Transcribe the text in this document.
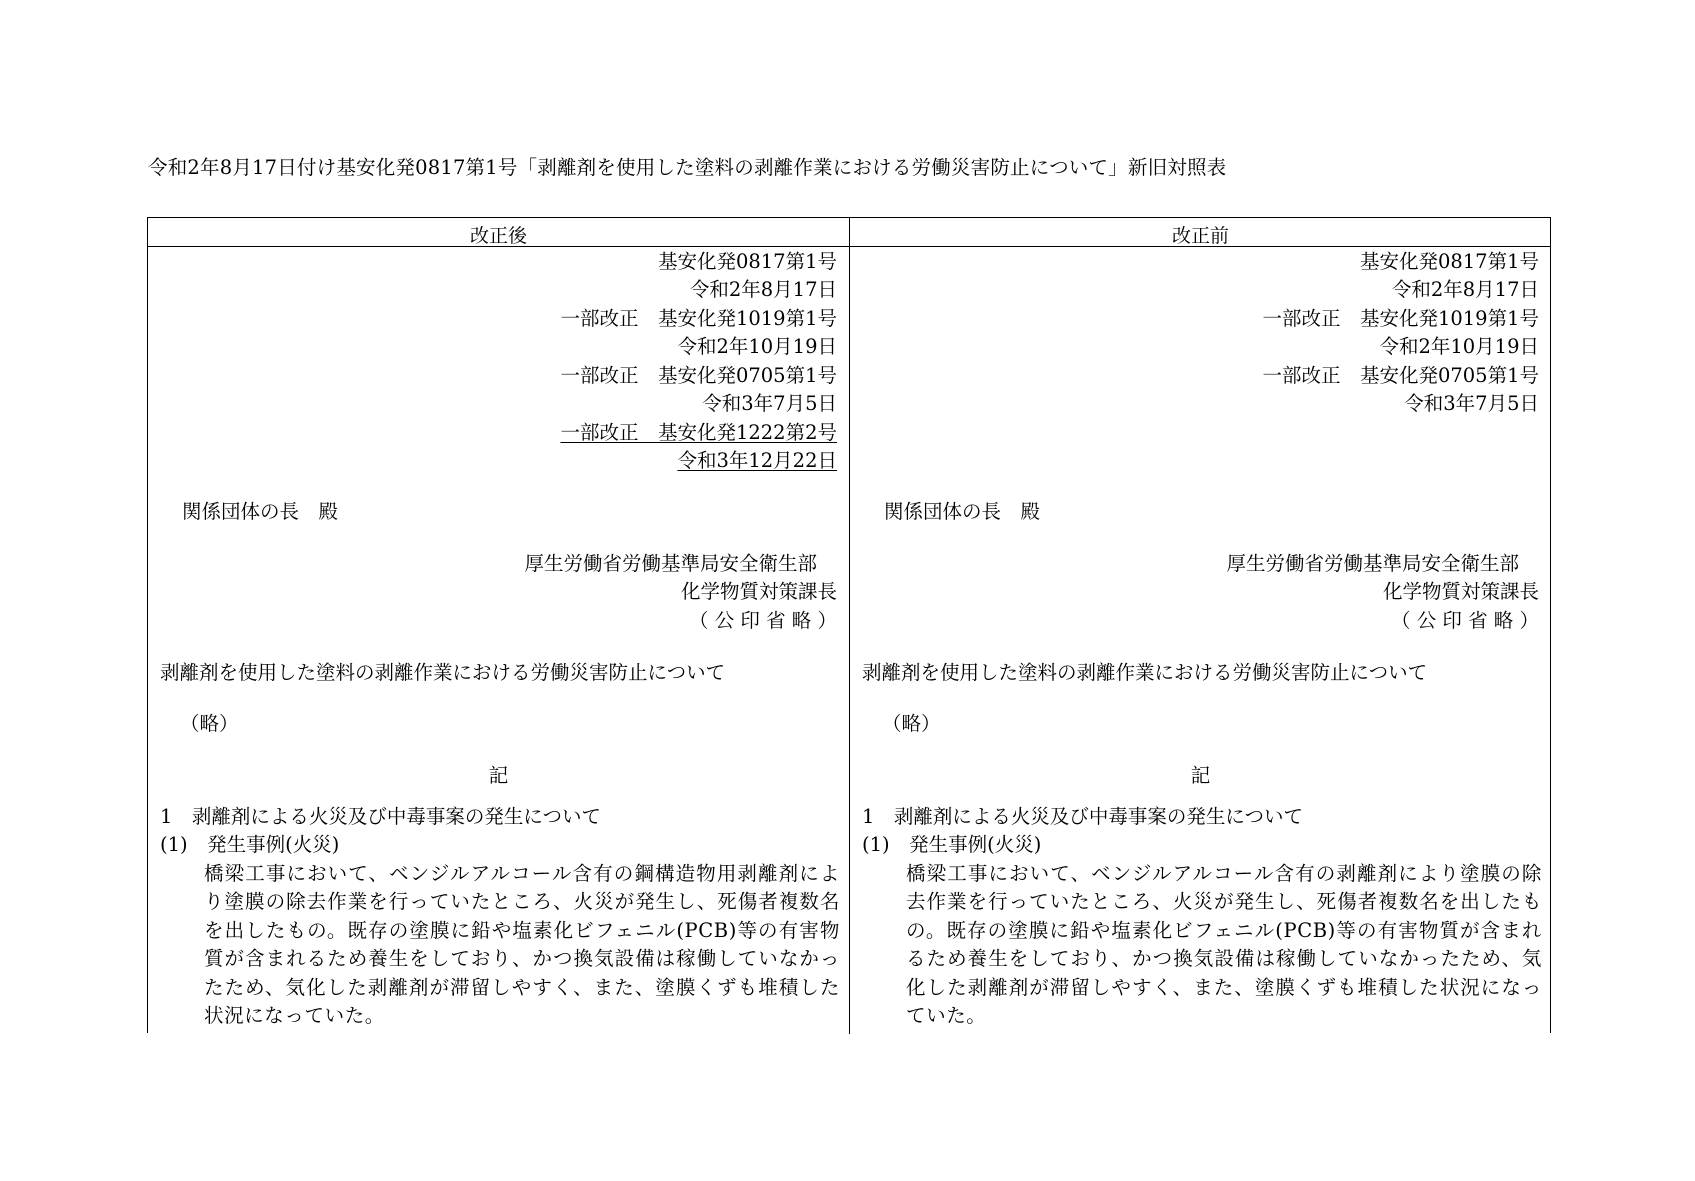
令和2年8月17日付け基安化発0817第1号「剥離剤を使用した塗料の剥離作業における労働災害防止について」新旧対照表
改正後	改正前
基安化発0817第1号
令和2年8月17日
一部改正　基安化発1019第1号
令和2年10月19日
一部改正　基安化発0705第1号
令和3年7月5日
一部改正　基安化発1222第2号
令和3年12月22日
関係団体の長　殿
厚生労働省労働基準局安全衛生部
化学物質対策課長
（ 公 印 省 略 ）
剥離剤を使用した塗料の剥離作業における労働災害防止について
（略）
記
1　剥離剤による火災及び中毒事案の発生について
(1)　発生事例(火災)
橋梁工事において、ベンジルアルコール含有の鋼構造物用剥離剤により塗膜の除去作業を行っていたところ、火災が発生し、死傷者複数名を出したもの。既存の塗膜に鉛や塩素化ビフェニル(PCB)等の有害物質が含まれるため養生をしており、かつ換気設備は稼働していなかったため、気化した剥離剤が滞留しやすく、また、塗膜くずも堆積した状況になっていた。
基安化発0817第1号
令和2年8月17日
一部改正　基安化発1019第1号
令和2年10月19日
一部改正　基安化発0705第1号
令和3年7月5日
関係団体の長　殿
厚生労働省労働基準局安全衛生部
化学物質対策課長
（ 公 印 省 略 ）
剥離剤を使用した塗料の剥離作業における労働災害防止について
（略）
記
1　剥離剤による火災及び中毒事案の発生について
(1)　発生事例(火災)
橋梁工事において、ベンジルアルコール含有の剥離剤により塗膜の除去作業を行っていたところ、火災が発生し、死傷者複数名を出したもの。既存の塗膜に鉛や塩素化ビフェニル(PCB)等の有害物質が含まれるため養生をしており、かつ換気設備は稼働していなかったため、気化した剥離剤が滞留しやすく、また、塗膜くずも堆積した状況になっていた。
